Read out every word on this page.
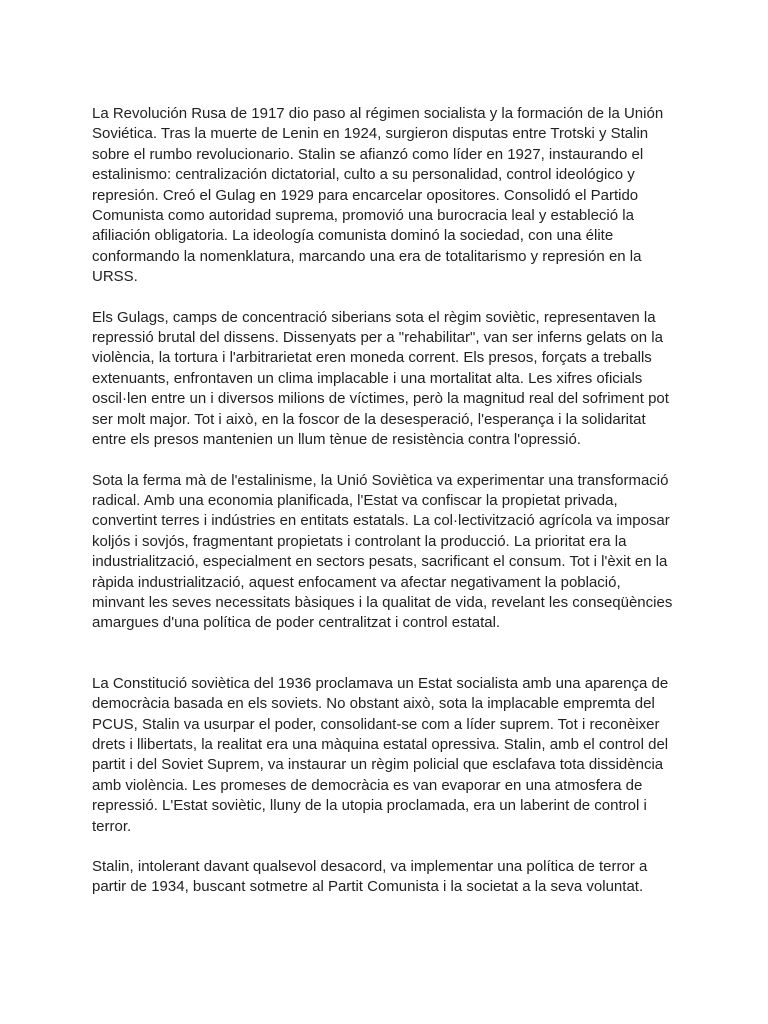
La Revolución Rusa de 1917 dio paso al régimen socialista y la formación de la Unión Soviética. Tras la muerte de Lenin en 1924, surgieron disputas entre Trotski y Stalin sobre el rumbo revolucionario. Stalin se afianzó como líder en 1927, instaurando el estalinismo: centralización dictatorial, culto a su personalidad, control ideológico y represión. Creó el Gulag en 1929 para encarcelar opositores. Consolidó el Partido Comunista como autoridad suprema, promovió una burocracia leal y estableció la afiliación obligatoria. La ideología comunista dominó la sociedad, con una élite conformando la nomenklatura, marcando una era de totalitarismo y represión en la URSS.

Els Gulags, camps de concentració siberians sota el règim soviètic, representaven la repressió brutal del dissens. Dissenyats per a "rehabilitar", van ser inferns gelats on la violència, la tortura i l'arbitrarietat eren moneda corrent. Els presos, forçats a treballs extenuants, enfrontaven un clima implacable i una mortalitat alta. Les xifres oficials oscil·len entre un i diversos milions de víctimes, però la magnitud real del sofriment pot ser molt major. Tot i això, en la foscor de la desesperació, l'esperança i la solidaritat entre els presos mantenien un llum tènue de resistència contra l'opressió.

Sota la ferma mà de l'estalinisme, la Unió Soviètica va experimentar una transformació radical. Amb una economia planificada, l'Estat va confiscar la propietat privada, convertint terres i indústries en entitats estatals. La col·lectivització agrícola va imposar koljós i sovjós, fragmentant propietats i controlant la producció. La prioritat era la industrialització, especialment en sectors pesats, sacrificant el consum. Tot i l'èxit en la ràpida industrialització, aquest enfocament va afectar negativament la població, minvant les seves necessitats bàsiques i la qualitat de vida, revelant les conseqüències amargues d'una política de poder centralitzat i control estatal.

La Constitució soviètica del 1936 proclamava un Estat socialista amb una aparença de democràcia basada en els soviets. No obstant això, sota la implacable empremta del PCUS, Stalin va usurpar el poder, consolidant-se com a líder suprem. Tot i reconèixer drets i llibertats, la realitat era una màquina estatal opressiva. Stalin, amb el control del partit i del Soviet Suprem, va instaurar un règim policial que esclafava tota dissidència amb violència. Les promeses de democràcia es van evaporar en una atmosfera de repressió. L'Estat soviètic, lluny de la utopia proclamada, era un laberint de control i terror.

Stalin, intolerant davant qualsevol desacord, va implementar una política de terror a partir de 1934, buscant sotmetre al Partit Comunista i la societat a la seva voluntat.
